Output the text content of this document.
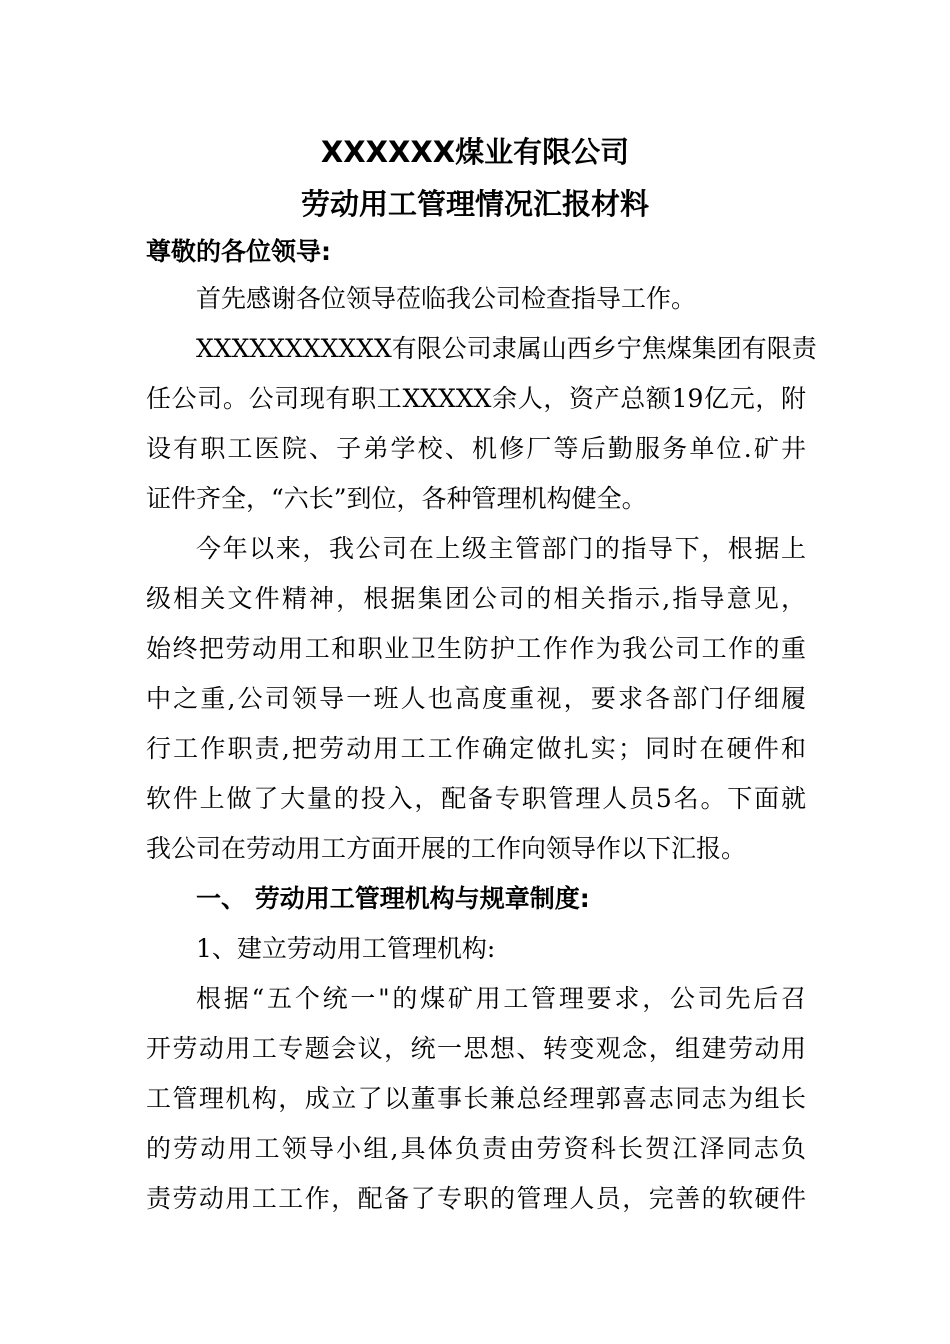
XXXXXX煤业有限公司
劳动用工管理情况汇报材料
尊敬的各位领导:
首先感谢各位领导莅临我公司检查指导工作。
XXXXXXXXXXX有限公司隶属山西乡宁焦煤集团有限责
任公司。公司现有职工XXXXX余人，资产总额19亿元，附
设有职工医院、子弟学校、机修厂等后勤服务单位.矿井
证件齐全，“六长”到位，各种管理机构健全。
今年以来，我公司在上级主管部门的指导下，根据上
级相关文件精神，根据集团公司的相关指示,指导意见，
始终把劳动用工和职业卫生防护工作作为我公司工作的重
中之重,公司领导一班人也高度重视，要求各部门仔细履
行工作职责,把劳动用工工作确定做扎实；同时在硬件和
软件上做了大量的投入，配备专职管理人员5名。下面就
我公司在劳动用工方面开展的工作向领导作以下汇报。
一、 劳动用工管理机构与规章制度:
1、建立劳动用工管理机构:
根据“五个统一"的煤矿用工管理要求，公司先后召
开劳动用工专题会议，统一思想、转变观念，组建劳动用
工管理机构，成立了以董事长兼总经理郭喜志同志为组长
的劳动用工领导小组,具体负责由劳资科长贺江泽同志负
责劳动用工工作，配备了专职的管理人员，完善的软硬件
